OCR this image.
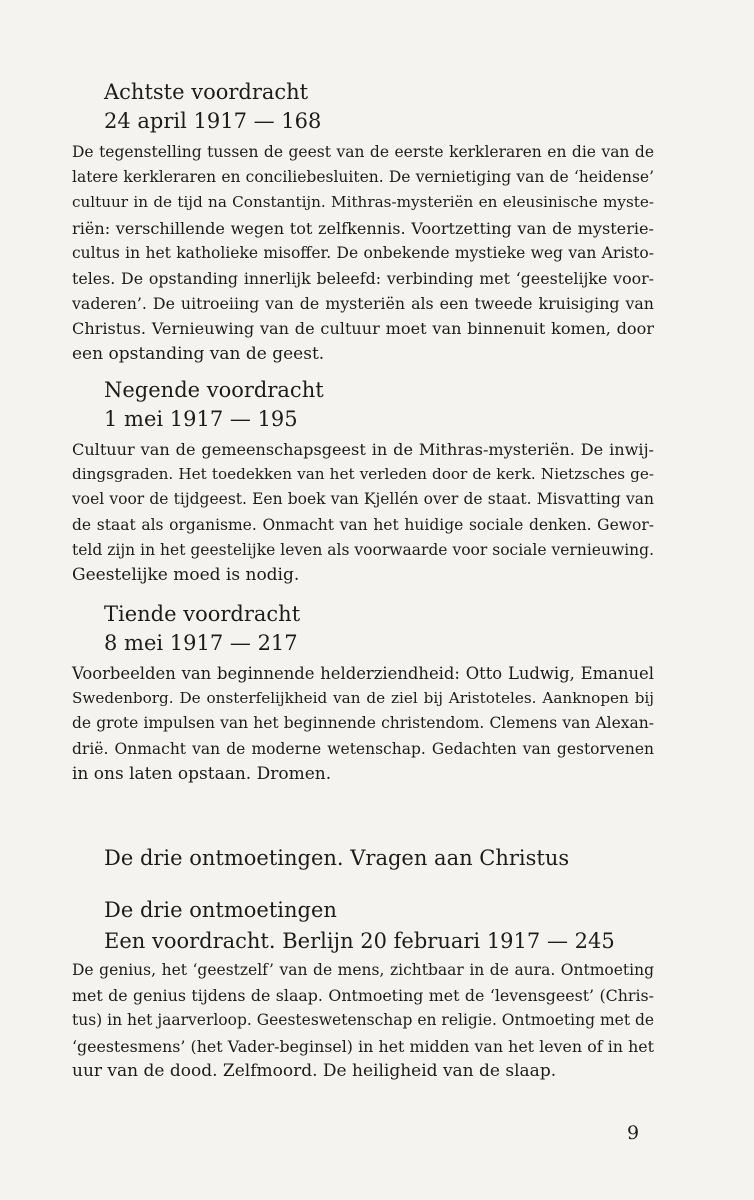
Achtste voordracht
24 april 1917 — 168
De tegenstelling tussen de geest van de eerste kerkleraren en die van de
latere kerkleraren en conciliebesluiten. De vernietiging van de ‘heidense’
cultuur in de tijd na Constantijn. Mithras-mysteriën en eleusinische myste-
riën: verschillende wegen tot zelfkennis. Voortzetting van de mysterie-
cultus in het katholieke misoffer. De onbekende mystieke weg van Aristo-
teles. De opstanding innerlijk beleefd: verbinding met ‘geestelijke voor-
vaderen’. De uitroeiing van de mysteriën als een tweede kruisiging van
Christus. Vernieuwing van de cultuur moet van binnenuit komen, door
een opstanding van de geest.
Negende voordracht
1 mei 1917 — 195
Cultuur van de gemeenschapsgeest in de Mithras-mysteriën. De inwij-
dingsgraden. Het toedekken van het verleden door de kerk. Nietzsches ge-
voel voor de tijdgeest. Een boek van Kjellén over de staat. Misvatting van
de staat als organisme. Onmacht van het huidige sociale denken. Gewor-
teld zijn in het geestelijke leven als voorwaarde voor sociale vernieuwing.
Geestelijke moed is nodig.
Tiende voordracht
8 mei 1917 — 217
Voorbeelden van beginnende helderziendheid: Otto Ludwig, Emanuel
Swedenborg. De onsterfelijkheid van de ziel bij Aristoteles. Aanknopen bij
de grote impulsen van het beginnende christendom. Clemens van Alexan-
drië. Onmacht van de moderne wetenschap. Gedachten van gestorvenen
in ons laten opstaan. Dromen.
De drie ontmoetingen. Vragen aan Christus
De drie ontmoetingen
Een voordracht. Berlijn 20 februari 1917 — 245
De genius, het ‘geestzelf’ van de mens, zichtbaar in de aura. Ontmoeting
met de genius tijdens de slaap. Ontmoeting met de ‘levensgeest’ (Chris-
tus) in het jaarverloop. Geesteswetenschap en religie. Ontmoeting met de
‘geestesmens’ (het Vader-beginsel) in het midden van het leven of in het
uur van de dood. Zelfmoord. De heiligheid van de slaap.
9
